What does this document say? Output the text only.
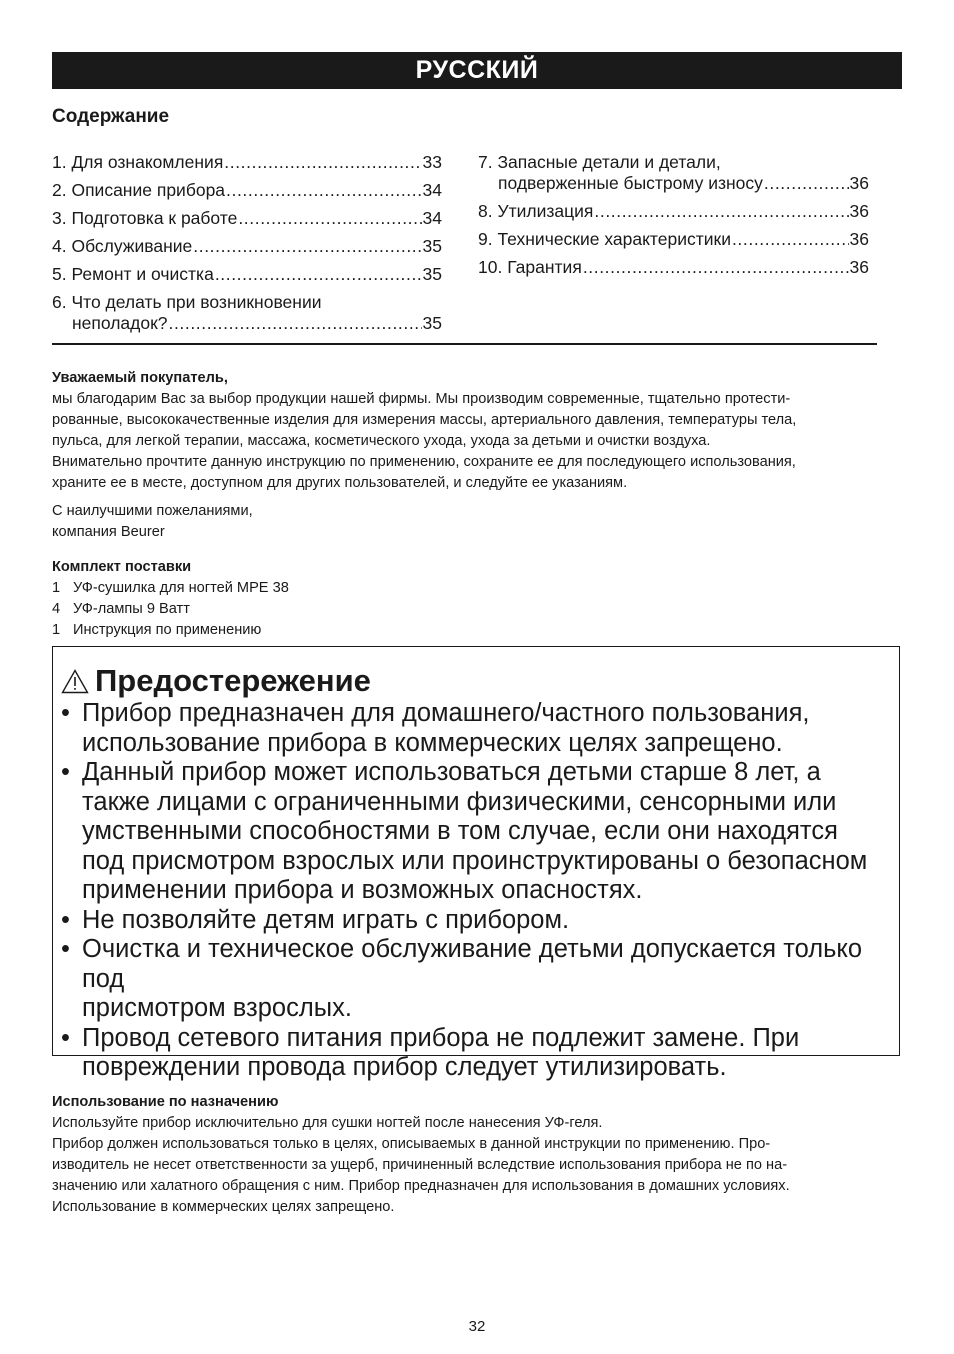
РУССКИЙ
Содержание
1. Для ознакомления .....	33
2. Описание прибора .....	34
3. Подготовка к работе .....	34
4. Обслуживание .....	35
5. Ремонт и очистка .....	35
6. Что делать при возникновении
неполадок? .....	35
7. Запасные детали и детали,
подверженные быстрому износу .....	36
8. Утилизация .....	36
9. Технические характеристики .....	36
10. Гарантия .....	36
Уважаемый покупатель,
мы благодарим Вас за выбор продукции нашей фирмы. Мы производим современные, тщательно протести-
рованные, высококачественные изделия для измерения массы, артериального давления, температуры тела,
пульса, для легкой терапии, массажа, косметического ухода, ухода за детьми и очистки воздуха.
Внимательно прочтите данную инструкцию по применению, сохраните ее для последующего использования,
храните ее в месте, доступном для других пользователей, и следуйте ее указаниям.
С наилучшими пожеланиями,
компания Beurer
Комплект поставки
1 УФ-сушилка для ногтей MPE 38
4 УФ-лампы 9 Ватт
1 Инструкция по применению
Предостережение
• Прибор предназначен для домашнего/частного пользования,
использование прибора в коммерческих целях запрещено.
• Данный прибор может использоваться детьми старше 8 лет, а
также лицами с ограниченными физическими, сенсорными или
умственными способностями в том случае, если они находятся
под присмотром взрослых или проинструктированы о безопасном
применении прибора и возможных опасностях.
• Не позволяйте детям играть с прибором.
• Очистка и техническое обслуживание детьми допускается только под
присмотром взрослых.
• Провод сетевого питания прибора не подлежит замене. При
повреждении провода прибор следует утилизировать.
Использование по назначению
Используйте прибор исключительно для сушки ногтей после нанесения УФ-геля.
Прибор должен использоваться только в целях, описываемых в данной инструкции по применению. Про-
изводитель не несет ответственности за ущерб, причиненный вследствие использования прибора не по на-
значению или халатного обращения с ним. Прибор предназначен для использования в домашних условиях.
Использование в коммерческих целях запрещено.
32
